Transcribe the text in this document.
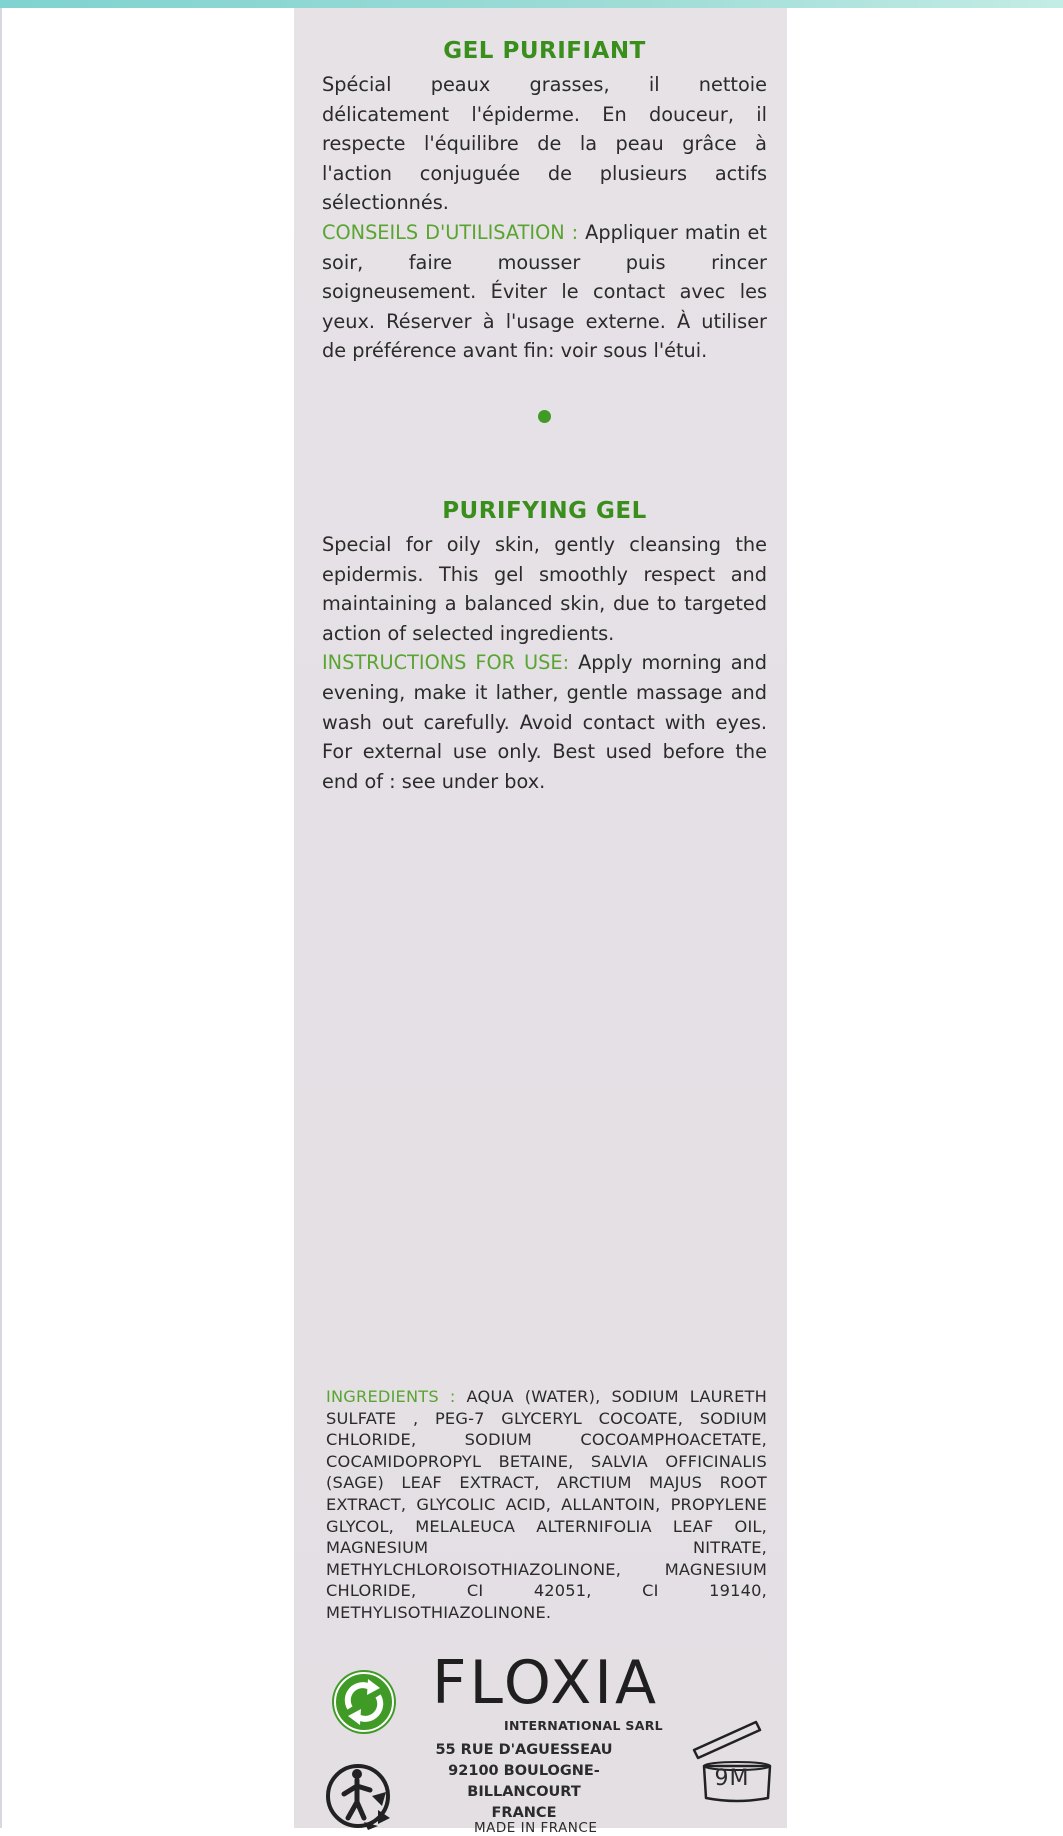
GEL PURIFIANT

Spécial peaux grasses, il nettoie délicatement l'épiderme. En douceur, il respecte l'équilibre de la peau grâce à l'action conjuguée de plusieurs actifs sélectionnés.

CONSEILS D'UTILISATION : Appliquer matin et soir, faire mousser puis rincer soigneusement. Éviter le contact avec les yeux. Réserver à l'usage externe. À utiliser de préférence avant fin: voir sous l'étui.

PURIFYING GEL

Special for oily skin, gently cleansing the epidermis. This gel smoothly respect and maintaining a balanced skin, due to targeted action of selected ingredients.

INSTRUCTIONS FOR USE: Apply morning and evening, make it lather, gentle massage and wash out carefully. Avoid contact with eyes. For external use only. Best used before the end of : see under box.

INGREDIENTS : AQUA (WATER), SODIUM LAURETH SULFATE , PEG-7 GLYCERYL COCOATE, SODIUM CHLORIDE, SODIUM COCOAMPHOACETATE, COCAMIDOPROPYL BETAINE, SALVIA OFFICINALIS (SAGE) LEAF EXTRACT, ARCTIUM MAJUS ROOT EXTRACT, GLYCOLIC ACID, ALLANTOIN, PROPYLENE GLYCOL, MELALEUCA ALTERNIFOLIA LEAF OIL, MAGNESIUM NITRATE, METHYLCHLOROISOTHIAZOLINONE, MAGNESIUM CHLORIDE, CI 42051, CI 19140, METHYLISOTHIAZOLINONE.

FLOXIA
INTERNATIONAL SARL
55 RUE D'AGUESSEAU
92100 BOULOGNE-BILLANCOURT
FRANCE
MADE IN FRANCE
9M
